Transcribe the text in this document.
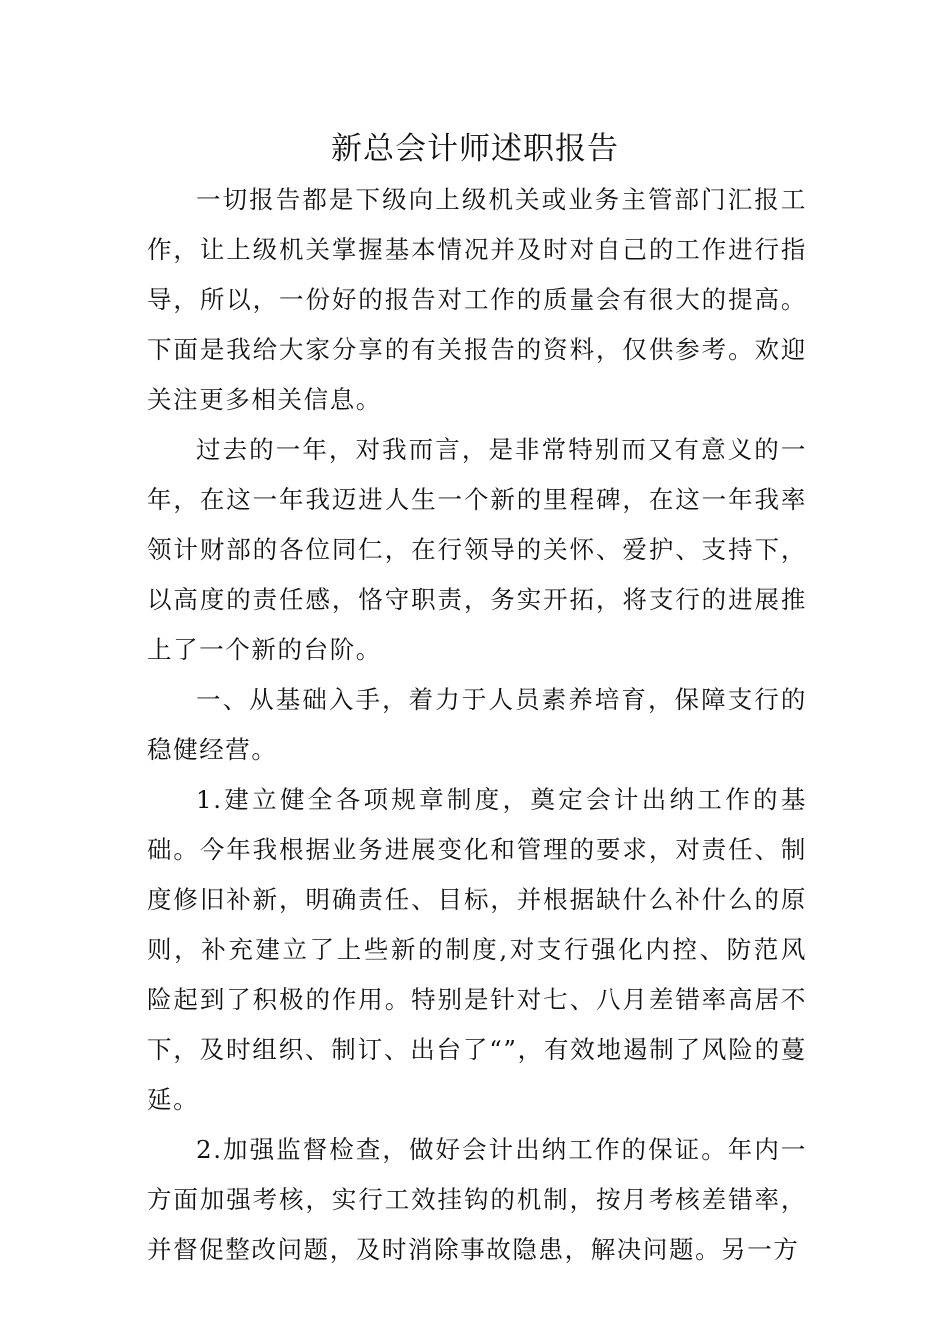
新总会计师述职报告

一切报告都是下级向上级机关或业务主管部门汇报工作，让上级机关掌握基本情况并及时对自己的工作进行指导，所以，一份好的报告对工作的质量会有很大的提高。下面是我给大家分享的有关报告的资料，仅供参考。欢迎关注更多相关信息。

过去的一年，对我而言，是非常特别而又有意义的一年，在这一年我迈进人生一个新的里程碑，在这一年我率领计财部的各位同仁，在行领导的关怀、爱护、支持下，以高度的责任感，恪守职责，务实开拓，将支行的进展推上了一个新的台阶。

一、从基础入手，着力于人员素养培育，保障支行的稳健经营。

1.建立健全各项规章制度，奠定会计出纳工作的基础。今年我根据业务进展变化和管理的要求，对责任、制度修旧补新，明确责任、目标，并根据缺什么补什么的原则，补充建立了上些新的制度,对支行强化内控、防范风险起到了积极的作用。特别是针对七、八月差错率高居不下，及时组织、制订、出台了“”，有效地遏制了风险的蔓延。

2.加强监督检查，做好会计出纳工作的保证。年内一方面加强考核，实行工效挂钩的机制，按月考核差错率，并督促整改问题，及时消除事故隐患，解决问题。另一方
